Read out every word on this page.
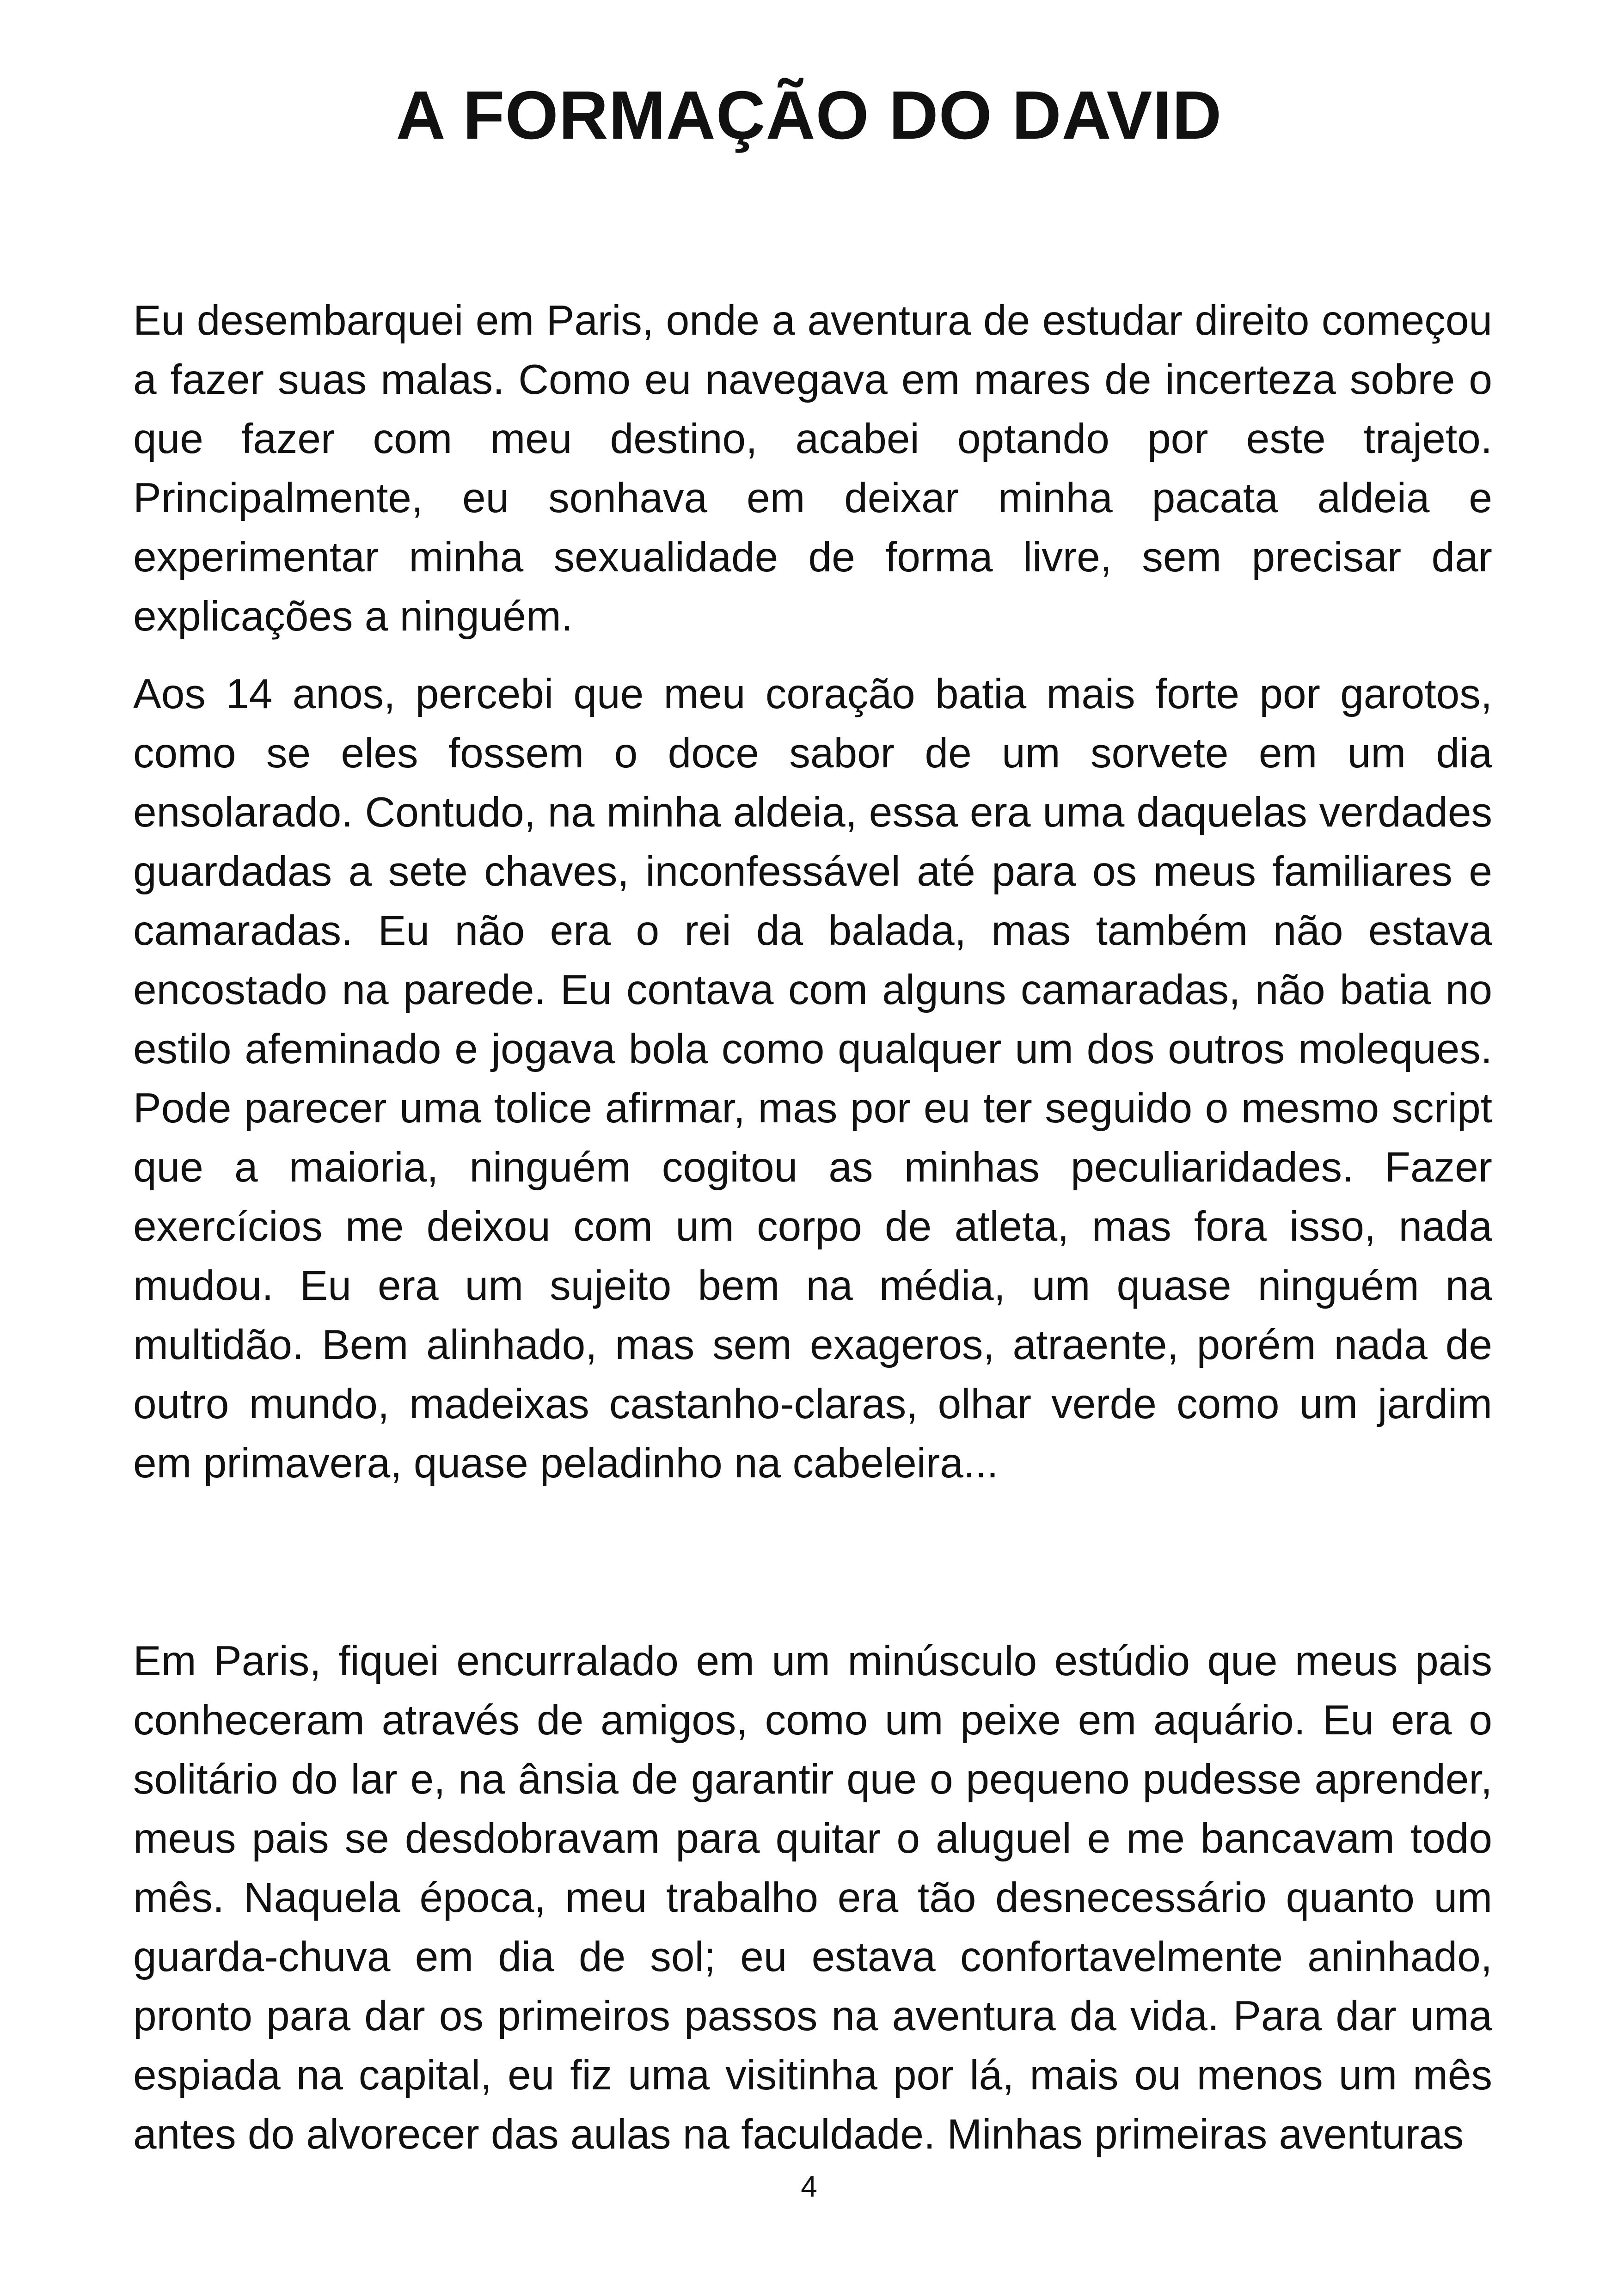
A FORMAÇÃO DO DAVID

Eu desembarquei em Paris, onde a aventura de estudar direito começou a fazer suas malas. Como eu navegava em mares de incerteza sobre o que fazer com meu destino, acabei optando por este trajeto. Principalmente, eu sonhava em deixar minha pacata aldeia e experimentar minha sexualidade de forma livre, sem precisar dar explicações a ninguém.

Aos 14 anos, percebi que meu coração batia mais forte por garotos, como se eles fossem o doce sabor de um sorvete em um dia ensolarado. Contudo, na minha aldeia, essa era uma daquelas verdades guardadas a sete chaves, inconfessável até para os meus familiares e camaradas. Eu não era o rei da balada, mas também não estava encostado na parede. Eu contava com alguns camaradas, não batia no estilo afeminado e jogava bola como qualquer um dos outros moleques. Pode parecer uma tolice afirmar, mas por eu ter seguido o mesmo script que a maioria, ninguém cogitou as minhas peculiaridades. Fazer exercícios me deixou com um corpo de atleta, mas fora isso, nada mudou. Eu era um sujeito bem na média, um quase ninguém na multidão. Bem alinhado, mas sem exageros, atraente, porém nada de outro mundo, madeixas castanho-claras, olhar verde como um jardim em primavera, quase peladinho na cabeleira...

Em Paris, fiquei encurralado em um minúsculo estúdio que meus pais conheceram através de amigos, como um peixe em aquário. Eu era o solitário do lar e, na ânsia de garantir que o pequeno pudesse aprender, meus pais se desdobravam para quitar o aluguel e me bancavam todo mês. Naquela época, meu trabalho era tão desnecessário quanto um guarda-chuva em dia de sol; eu estava confortavelmente aninhado, pronto para dar os primeiros passos na aventura da vida. Para dar uma espiada na capital, eu fiz uma visitinha por lá, mais ou menos um mês antes do alvorecer das aulas na faculdade. Minhas primeiras aventuras

4
